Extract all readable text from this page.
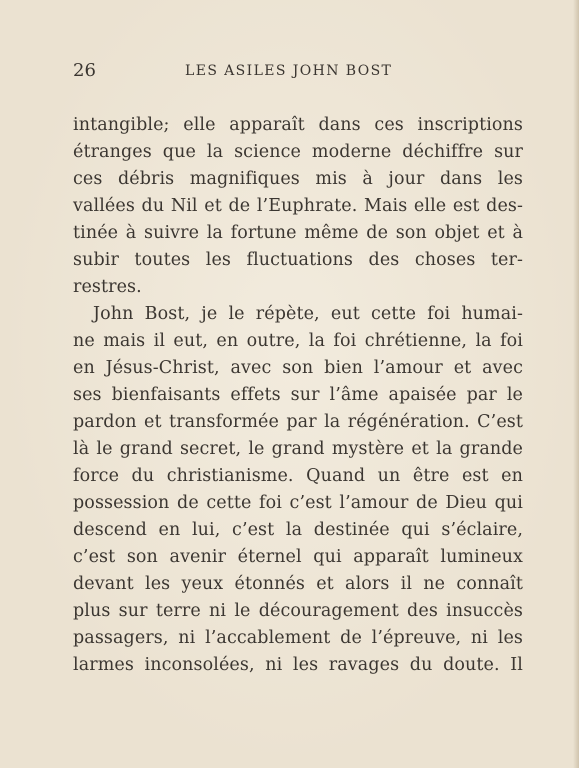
26	LES ASILES JOHN BOST
intangible; elle apparaît dans ces inscriptions
étranges que la science moderne déchiffre sur
ces débris magnifiques mis à jour dans les
vallées du Nil et de l’Euphrate. Mais elle est des-
tinée à suivre la fortune même de son objet et à
subir toutes les fluctuations des choses ter-
restres.
John Bost, je le répète, eut cette foi humai-
ne mais il eut, en outre, la foi chrétienne, la foi
en Jésus-Christ, avec son bien l’amour et avec
ses bienfaisants effets sur l’âme apaisée par le
pardon et transformée par la régénération. C’est
là le grand secret, le grand mystère et la grande
force du christianisme. Quand un être est en
possession de cette foi c’est l’amour de Dieu qui
descend en lui, c’est la destinée qui s’éclaire,
c’est son avenir éternel qui apparaît lumineux
devant les yeux étonnés et alors il ne connaît
plus sur terre ni le découragement des insuccès
passagers, ni l’accablement de l’épreuve, ni les
larmes inconsolées, ni les ravages du doute. Il
